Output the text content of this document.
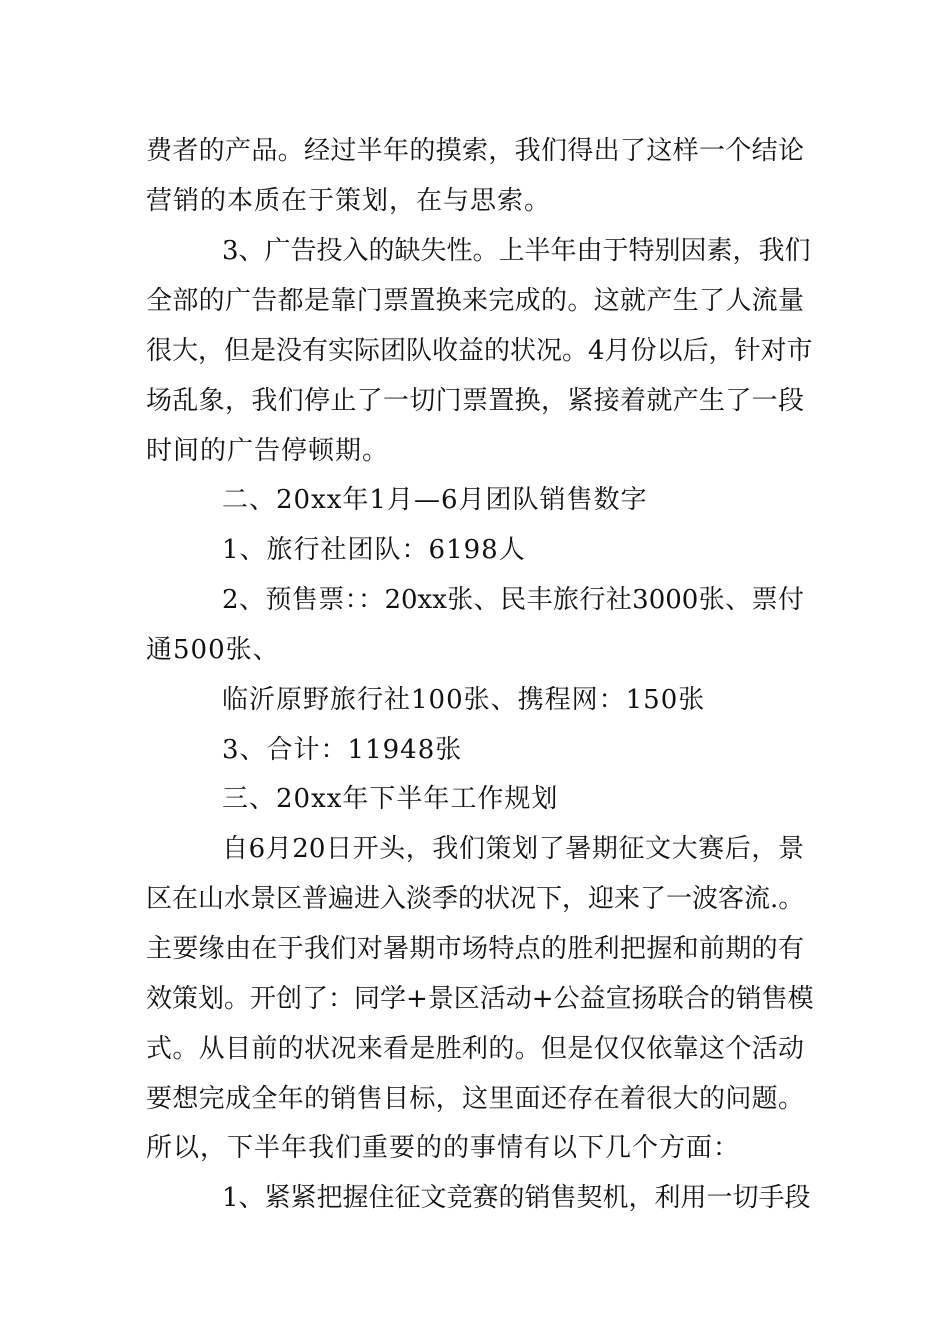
费者的产品。经过半年的摸索，我们得出了这样一个结论
营销的本质在于策划，在与思索。
3、广告投入的缺失性。上半年由于特别因素，我们
全部的广告都是靠门票置换来完成的。这就产生了人流量
很大，但是没有实际团队收益的状况。4月份以后，针对市
场乱象，我们停止了一切门票置换，紧接着就产生了一段
时间的广告停顿期。
二、20xx年1月—6月团队销售数字
1、旅行社团队：6198人
2、预售票：：20xx张、民丰旅行社3000张、票付
通500张、
临沂原野旅行社100张、携程网：150张
3、合计：11948张
三、20xx年下半年工作规划
自6月20日开头，我们策划了暑期征文大赛后，景
区在山水景区普遍进入淡季的状况下，迎来了一波客流.。
主要缘由在于我们对暑期市场特点的胜利把握和前期的有
效策划。开创了：同学+景区活动+公益宣扬联合的销售模
式。从目前的状况来看是胜利的。但是仅仅依靠这个活动
要想完成全年的销售目标，这里面还存在着很大的问题。
所以，下半年我们重要的的事情有以下几个方面：
1、紧紧把握住征文竞赛的销售契机，利用一切手段
